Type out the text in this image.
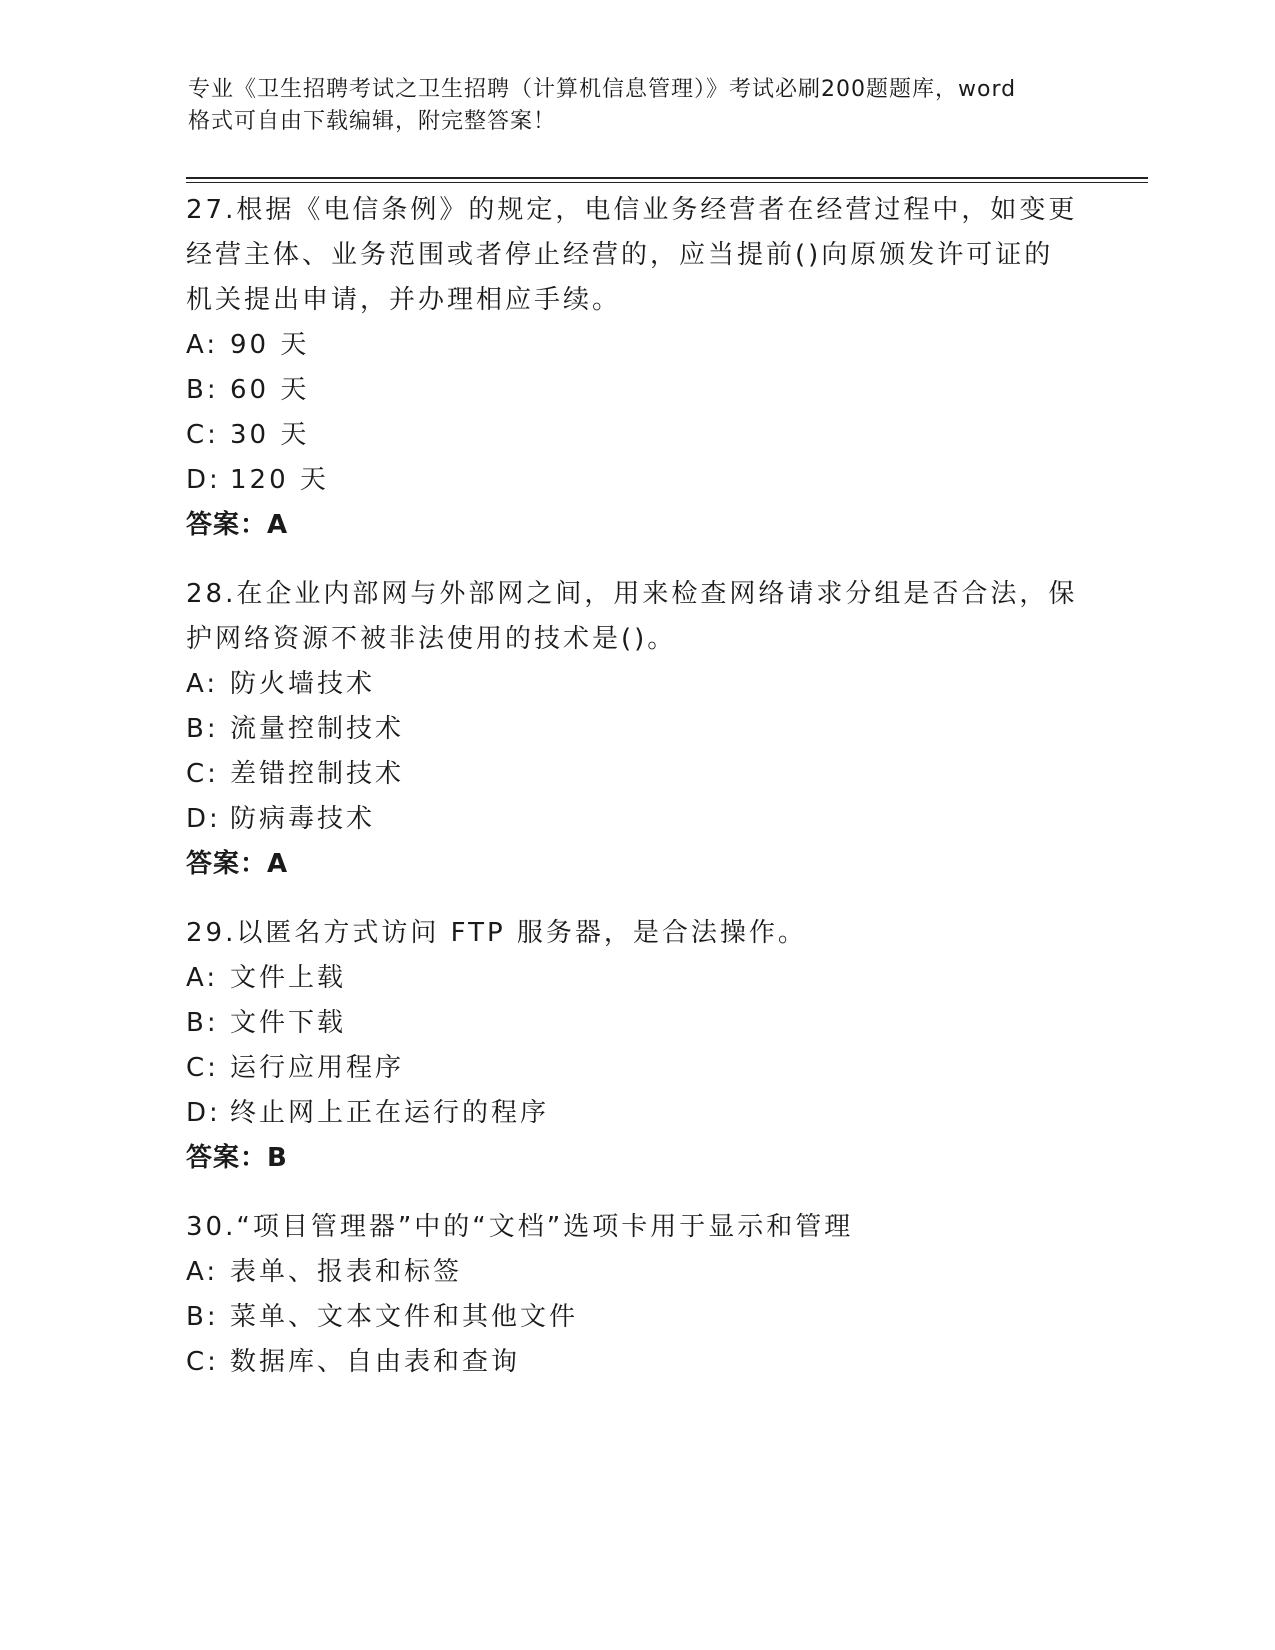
专业《卫生招聘考试之卫生招聘（计算机信息管理）》考试必刷200题题库，word
格式可自由下载编辑，附完整答案！

27.根据《电信条例》的规定，电信业务经营者在经营过程中，如变更

经营主体、业务范围或者停止经营的，应当提前()向原颁发许可证的

机关提出申请，并办理相应手续。

A: 90 天

B: 60 天

C: 30 天

D: 120 天

答案：A

28.在企业内部网与外部网之间，用来检查网络请求分组是否合法，保

护网络资源不被非法使用的技术是()。

A: 防火墙技术

B: 流量控制技术

C: 差错控制技术

D: 防病毒技术

答案：A

29.以匿名方式访问 FTP 服务器，是合法操作。

A: 文件上载

B: 文件下载

C: 运行应用程序

D: 终止网上正在运行的程序

答案：B

30.“项目管理器”中的“文档”选项卡用于显示和管理

A: 表单、报表和标签

B: 菜单、文本文件和其他文件

C: 数据库、自由表和查询
